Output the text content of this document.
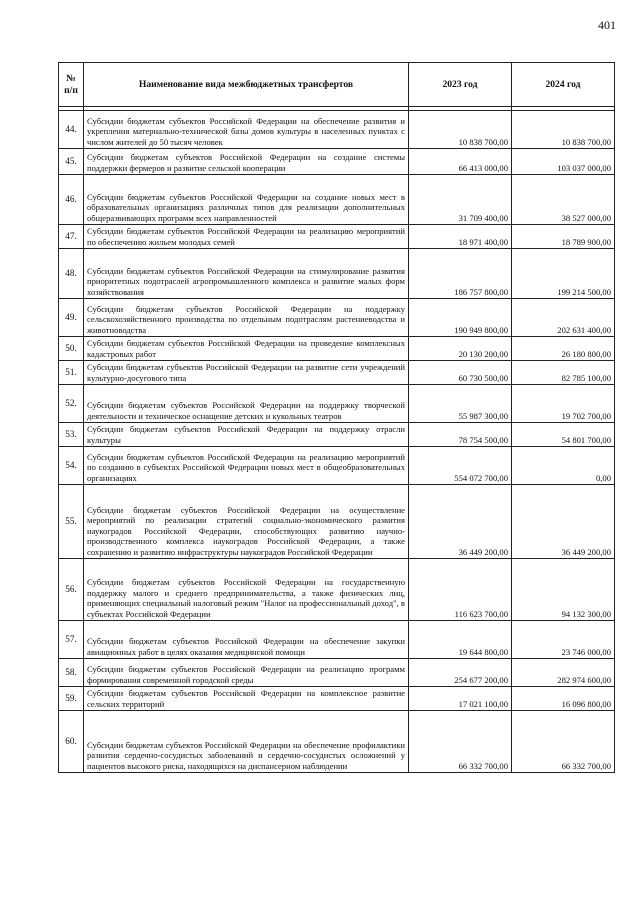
401
№
п/п	Наименование вида межбюджетных трансфертов	2023 год	2024 год

44.	Субсидии бюджетам субъектов Российской Федерации на обеспечение развития и укрепления материально-технической базы домов культуры в населенных пунктах с числом жителей до 50 тысяч человек	10 838 700,00	10 838 700,00
45.	Субсидии бюджетам субъектов Российской Федерации на создание системы поддержки фермеров и развитие сельской кооперации	66 413 000,00	103 037 000,00
46.	Субсидии бюджетам субъектов Российской Федерации на создание новых мест в образовательных организациях различных типов для реализации дополнительных общеразвивающих программ всех направленностей	31 709 400,00	38 527 000,00
47.	Субсидии бюджетам субъектов Российской Федерации на реализацию мероприятий по обеспечению жильем молодых семей	18 971 400,00	18 789 900,00
48.	Субсидии бюджетам субъектов Российской Федерации на стимулирование развития приоритетных подотраслей агропромышленного комплекса и развитие малых форм хозяйствования	186 757 800,00	199 214 500,00
49.	Субсидии бюджетам субъектов Российской Федерации на поддержку сельскохозяйственного производства по отдельным подотраслям растениеводства и животноводства	190 949 800,00	202 631 400,00
50.	Субсидии бюджетам субъектов Российской Федерации на проведение комплексных кадастровых работ	20 130 200,00	26 180 800,00
51.	Субсидии бюджетам субъектов Российской Федерации на развитие сети учреждений культурно-досугового типа	60 730 500,00	82 785 100,00
52.	Субсидии бюджетам субъектов Российской Федерации на поддержку творческой деятельности и техническое оснащение детских и кукольных театров	55 987 300,00	19 702 700,00
53.	Субсидии бюджетам субъектов Российской Федерации на поддержку отрасли культуры	78 754 500,00	54 801 700,00
54.	Субсидии бюджетам субъектов Российской Федерации на реализацию мероприятий по созданию в субъектах Российской Федерации новых мест в общеобразовательных организациях	554 072 700,00	0,00
55.	Субсидии бюджетам субъектов Российской Федерации на осуществление мероприятий по реализации стратегий социально-экономического развития наукоградов Российской Федерации, способствующих развитию научно-производственного комплекса наукоградов Российской Федерации, а также сохранению и развитию инфраструктуры наукоградов Российской Федерации	36 449 200,00	36 449 200,00
56.	Субсидии бюджетам субъектов Российской Федерации на государственную поддержку малого и среднего предпринимательства, а также физических лиц, применяющих специальный налоговый режим "Налог на профессиональный доход", в субъектах Российской Федерации	116 623 700,00	94 132 300,00
57.	Субсидии бюджетам субъектов Российской Федерации на обеспечение закупки авиационных работ в целях оказания медицинской помощи	19 644 800,00	23 746 000,00
58.	Субсидии бюджетам субъектов Российской Федерации на реализацию программ формирования современной городской среды	254 677 200,00	282 974 600,00
59.	Субсидии бюджетам субъектов Российской Федерации на комплексное развитие сельских территорий	17 021 100,00	16 096 800,00
60.	Субсидии бюджетам субъектов Российской Федерации на обеспечение профилактики развития сердечно-сосудистых заболеваний и сердечно-сосудистых осложнений у пациентов высокого риска, находящихся на диспансерном наблюдении	66 332 700,00	66 332 700,00
